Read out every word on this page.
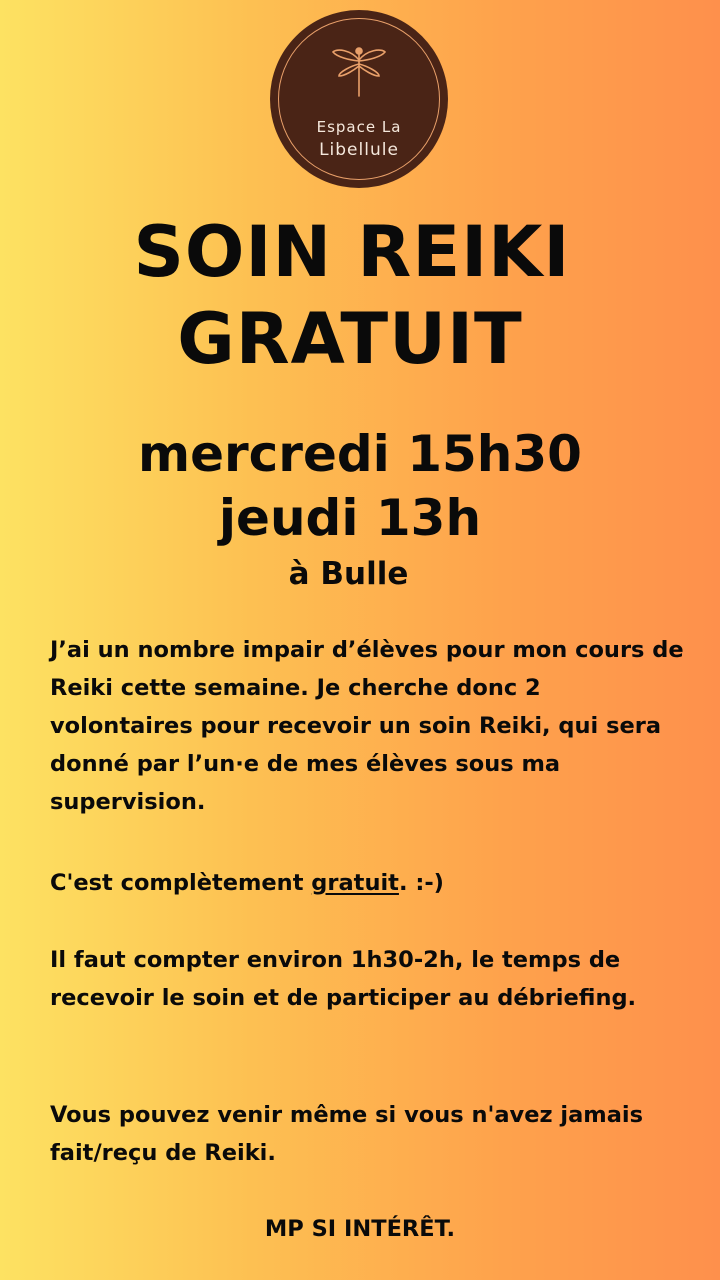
Espace La
Libellule
SOIN REIKI
GRATUIT
mercredi 15h30
jeudi 13h
à Bulle
J’ai un nombre impair d’élèves pour mon cours de Reiki cette semaine. Je cherche donc 2 volontaires pour recevoir un soin Reiki, qui sera donné par l’un·e de mes élèves sous ma supervision.
C'est complètement gratuit. :-)
Il faut compter environ 1h30-2h, le temps de recevoir le soin et de participer au débriefing.
Vous pouvez venir même si vous n'avez jamais fait/reçu de Reiki.
MP SI INTÉRÊT.
